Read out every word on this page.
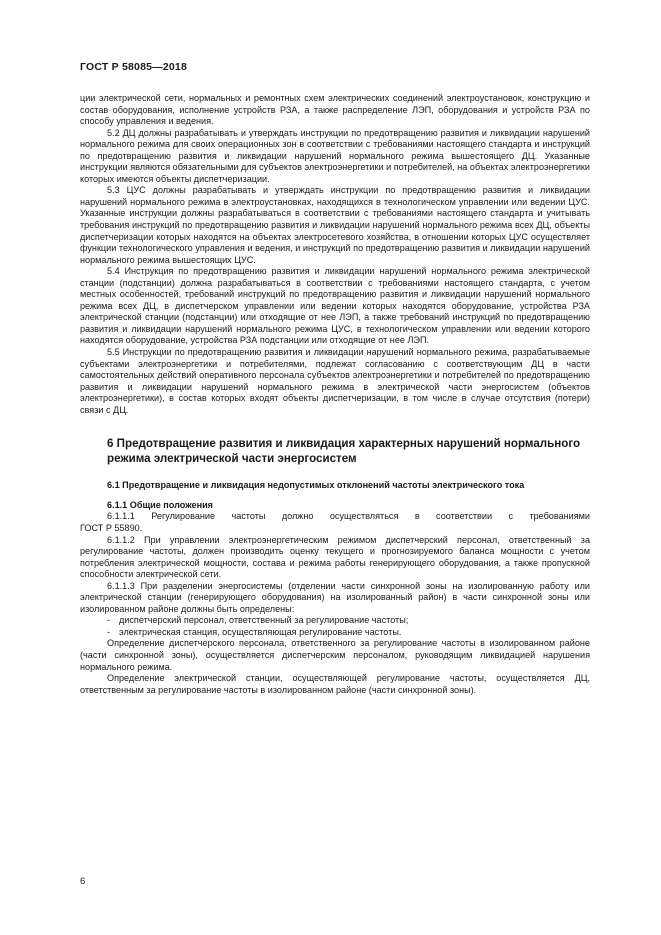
ГОСТ Р 58085—2018

ции электрической сети, нормальных и ремонтных схем электрических соединений электроустановок, конструкцию и состав оборудования, исполнение устройств РЗА, а также распределение ЛЭП, оборудования и устройств РЗА по способу управления и ведения.

5.2 ДЦ должны разрабатывать и утверждать инструкции по предотвращению развития и ликвидации нарушений нормального режима для своих операционных зон в соответствии с требованиями настоящего стандарта и инструкций по предотвращению развития и ликвидации нарушений нормального режима вышестоящего ДЦ. Указанные инструкции являются обязательными для субъектов электроэнергетики и потребителей, на объектах электроэнергетики которых имеются объекты диспетчеризации.

5.3 ЦУС должны разрабатывать и утверждать инструкции по предотвращению развития и ликвидации нарушений нормального режима в электроустановках, находящихся в технологическом управлении или ведении ЦУС. Указанные инструкции должны разрабатываться в соответствии с требованиями настоящего стандарта и учитывать требования инструкций по предотвращению развития и ликвидации нарушений нормального режима всех ДЦ, объекты диспетчеризации которых находятся на объектах электросетевого хозяйства, в отношении которых ЦУС осуществляет функции технологического управления и ведения, и инструкций по предотвращению развития и ликвидации нарушений нормального режима вышестоящих ЦУС.

5.4 Инструкция по предотвращению развития и ликвидации нарушений нормального режима электрической станции (подстанции) должна разрабатываться в соответствии с требованиями настоящего стандарта, с учетом местных особенностей, требований инструкций по предотвращению развития и ликвидации нарушений нормального режима всех ДЦ, в диспетчерском управлении или ведении которых находятся оборудование, устройства РЗА электрической станции (подстанции) или отходящие от нее ЛЭП, а также требований инструкций по предотвращению развития и ликвидации нарушений нормального режима ЦУС, в технологическом управлении или ведении которого находятся оборудование, устройства РЗА подстанции или отходящие от нее ЛЭП.

5.5 Инструкции по предотвращению развития и ликвидации нарушений нормального режима, разрабатываемые субъектами электроэнергетики и потребителями, подлежат согласованию с соответствующим ДЦ в части самостоятельных действий оперативного персонала субъектов электроэнергетики и потребителей по предотвращению развития и ликвидации нарушений нормального режима в электрической части энергосистем (объектов электроэнергетики), в состав которых входят объекты диспетчеризации, в том числе в случае отсутствия (потери) связи с ДЦ.

6 Предотвращение развития и ликвидация характерных нарушений нормального режима электрической части энергосистем

6.1 Предотвращение и ликвидация недопустимых отклонений частоты электрического тока

6.1.1 Общие положения

6.1.1.1 Регулирование частоты должно осуществляться в соответствии с требованиями

ГОСТ Р 55890.

6.1.1.2 При управлении электроэнергетическим режимом диспетчерский персонал, ответственный за регулирование частоты, должен производить оценку текущего и прогнозируемого баланса мощности с учетом потребления электрической мощности, состава и режима работы генерирующего оборудования, а также пропускной способности электрической сети.

6.1.1.3 При разделении энергосистемы (отделении части синхронной зоны на изолированную работу или электрической станции (генерирующего оборудования) на изолированный район) в части синхронной зоны или изолированном районе должны быть определены:

- диспетчерский персонал, ответственный за регулирование частоты;

- электрическая станция, осуществляющая регулирование частоты.

Определение диспетчерского персонала, ответственного за регулирование частоты в изолированном районе (части синхронной зоны), осуществляется диспетчерским персоналом, руководящим ликвидацией нарушения нормального режима.

Определение электрической станции, осуществляющей регулирование частоты, осуществляется ДЦ, ответственным за регулирование частоты в изолированном районе (части синхронной зоны).

6
